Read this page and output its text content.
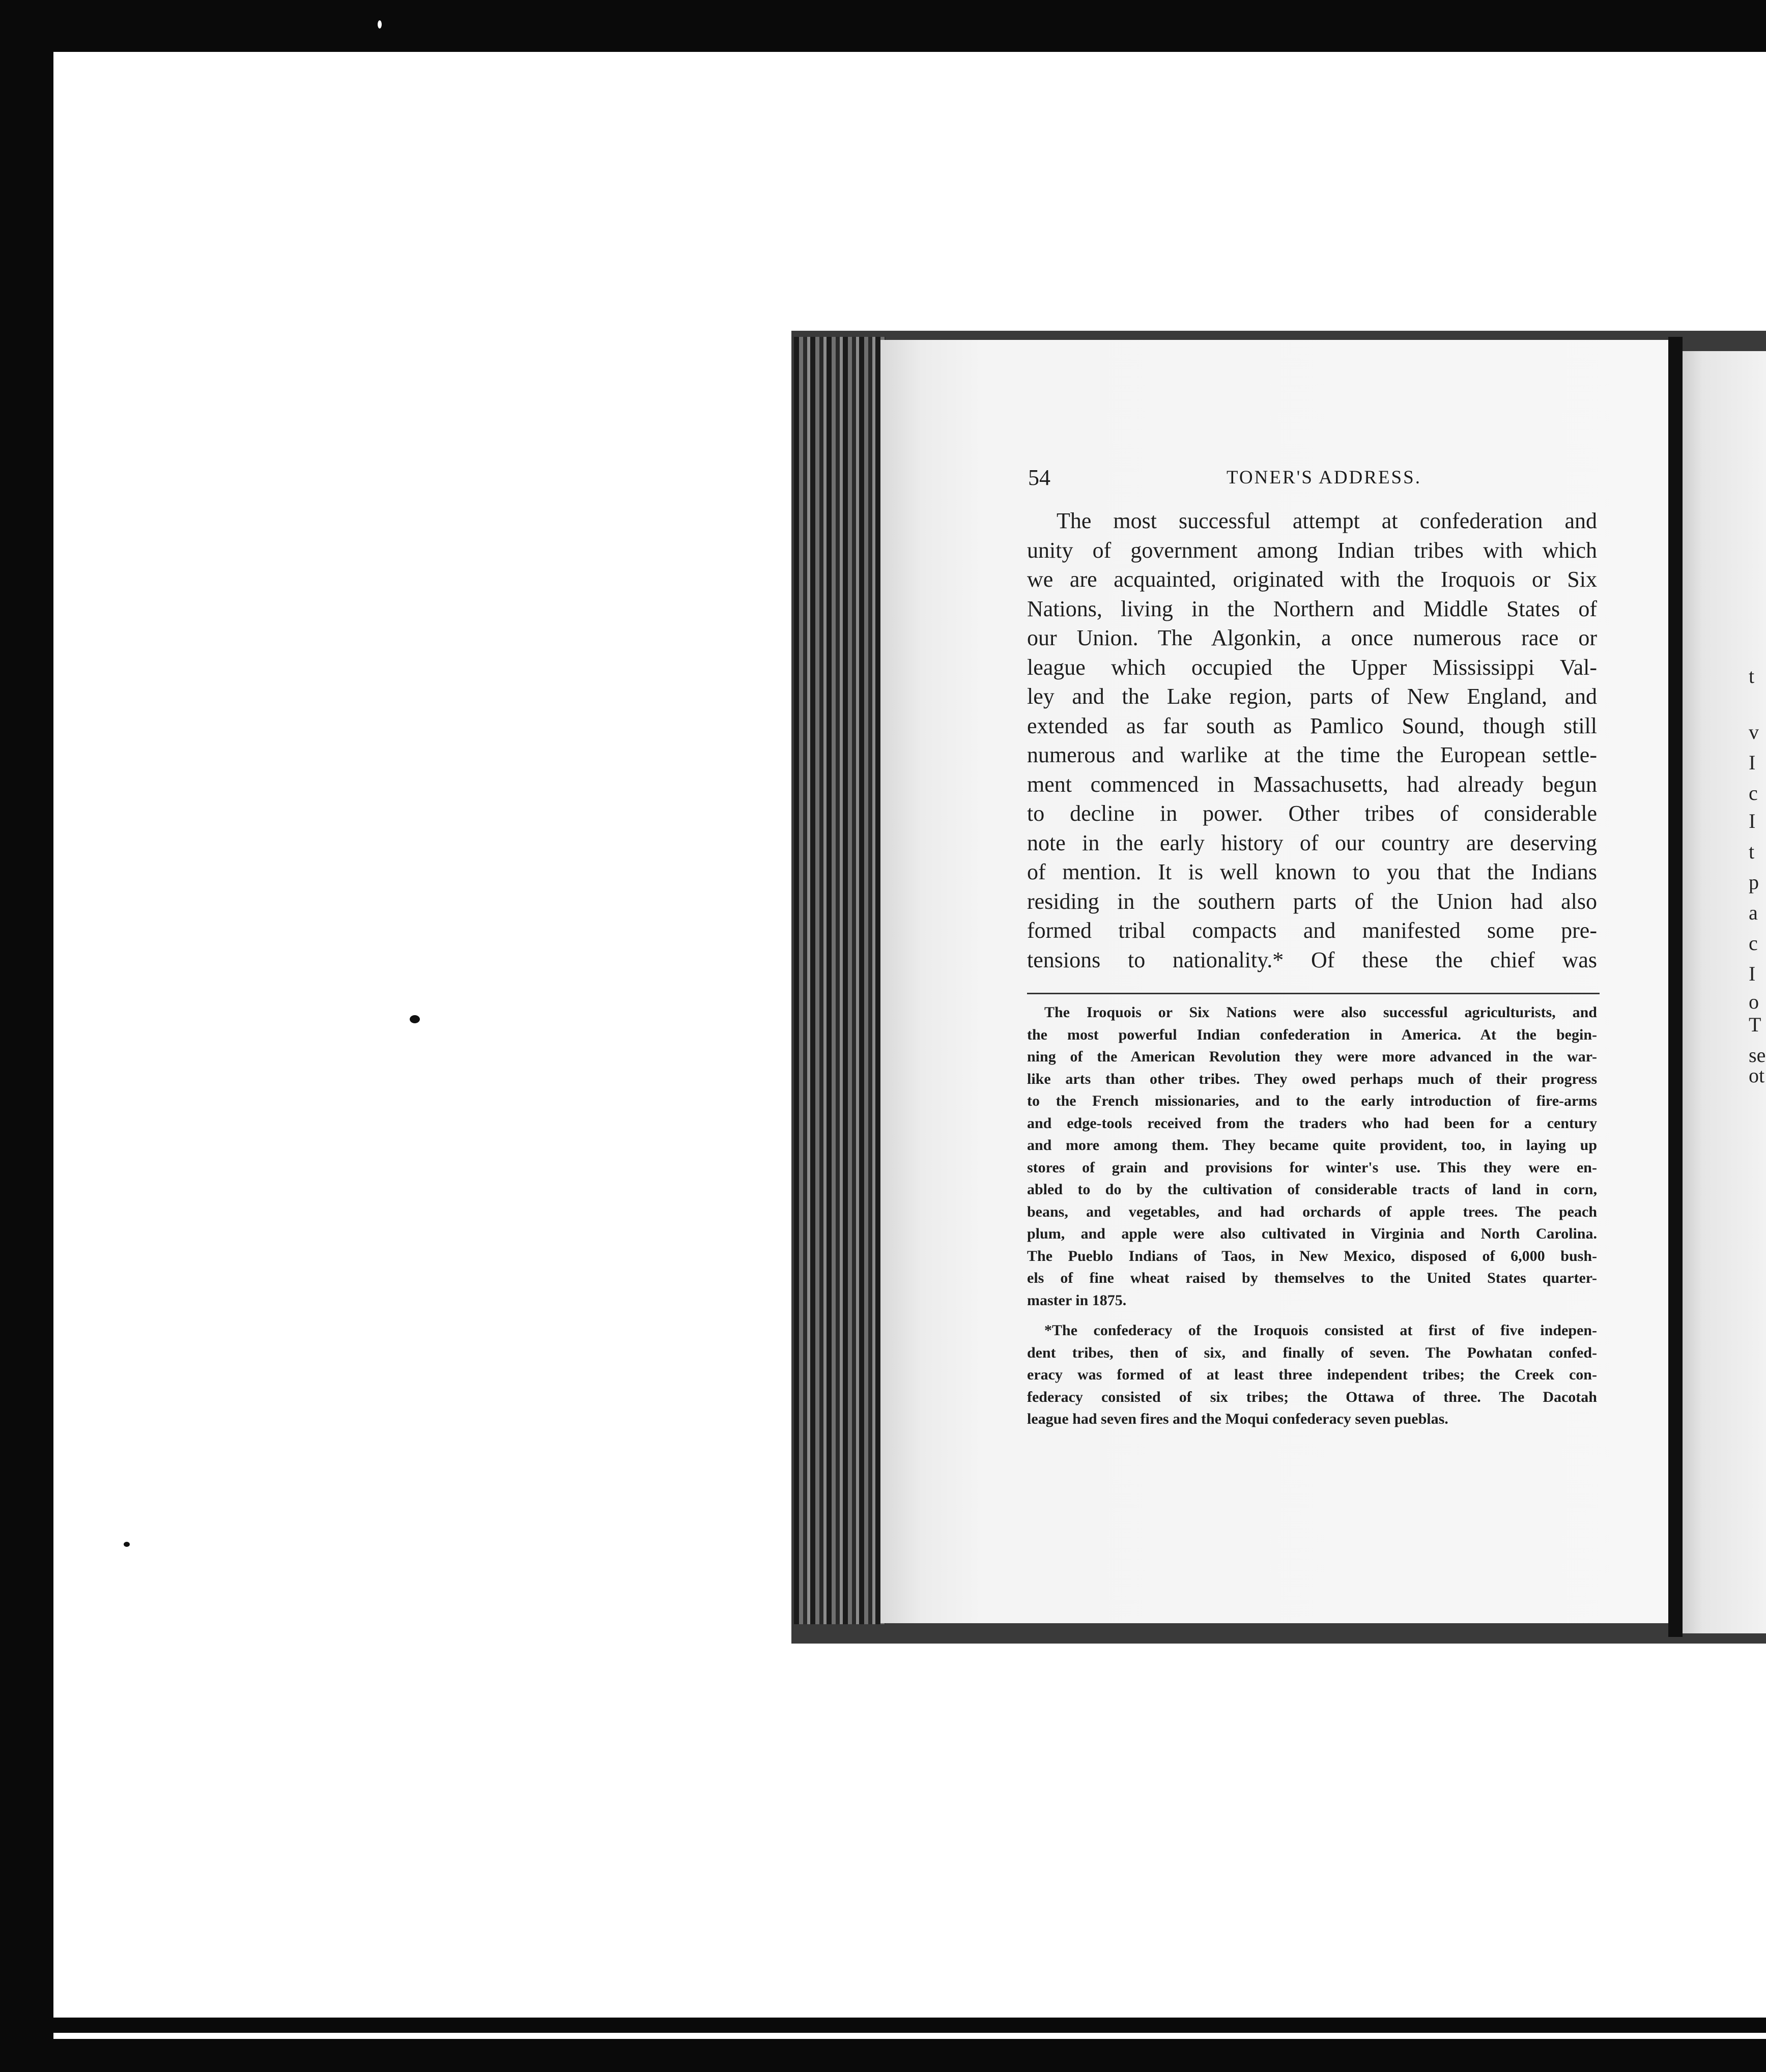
t
v
I
c
I
t
p
a
c
I
o
T
se
ot
54	TONER'S ADDRESS.
The most successful attempt at confederation and
unity of government among Indian tribes with which
we are acquainted, originated with the Iroquois or Six
Nations, living in the Northern and Middle States of
our Union. The Algonkin, a once numerous race or
league which occupied the Upper Mississippi Val-
ley and the Lake region, parts of New England, and
extended as far south as Pamlico Sound, though still
numerous and warlike at the time the European settle-
ment commenced in Massachusetts, had already begun
to decline in power. Other tribes of considerable
note in the early history of our country are deserving
of mention. It is well known to you that the Indians
residing in the southern parts of the Union had also
formed tribal compacts and manifested some pre-
tensions to nationality.* Of these the chief was
The Iroquois or Six Nations were also successful agriculturists, and
the most powerful Indian confederation in America. At the begin-
ning of the American Revolution they were more advanced in the war-
like arts than other tribes. They owed perhaps much of their progress
to the French missionaries, and to the early introduction of fire-arms
and edge-tools received from the traders who had been for a century
and more among them. They became quite provident, too, in laying up
stores of grain and provisions for winter's use. This they were en-
abled to do by the cultivation of considerable tracts of land in corn,
beans, and vegetables, and had orchards of apple trees. The peach
plum, and apple were also cultivated in Virginia and North Carolina.
The Pueblo Indians of Taos, in New Mexico, disposed of 6,000 bush-
els of fine wheat raised by themselves to the United States quarter-
master in 1875.
*The confederacy of the Iroquois consisted at first of five indepen-
dent tribes, then of six, and finally of seven. The Powhatan confed-
eracy was formed of at least three independent tribes; the Creek con-
federacy consisted of six tribes; the Ottawa of three. The Dacotah
league had seven fires and the Moqui confederacy seven pueblas.
